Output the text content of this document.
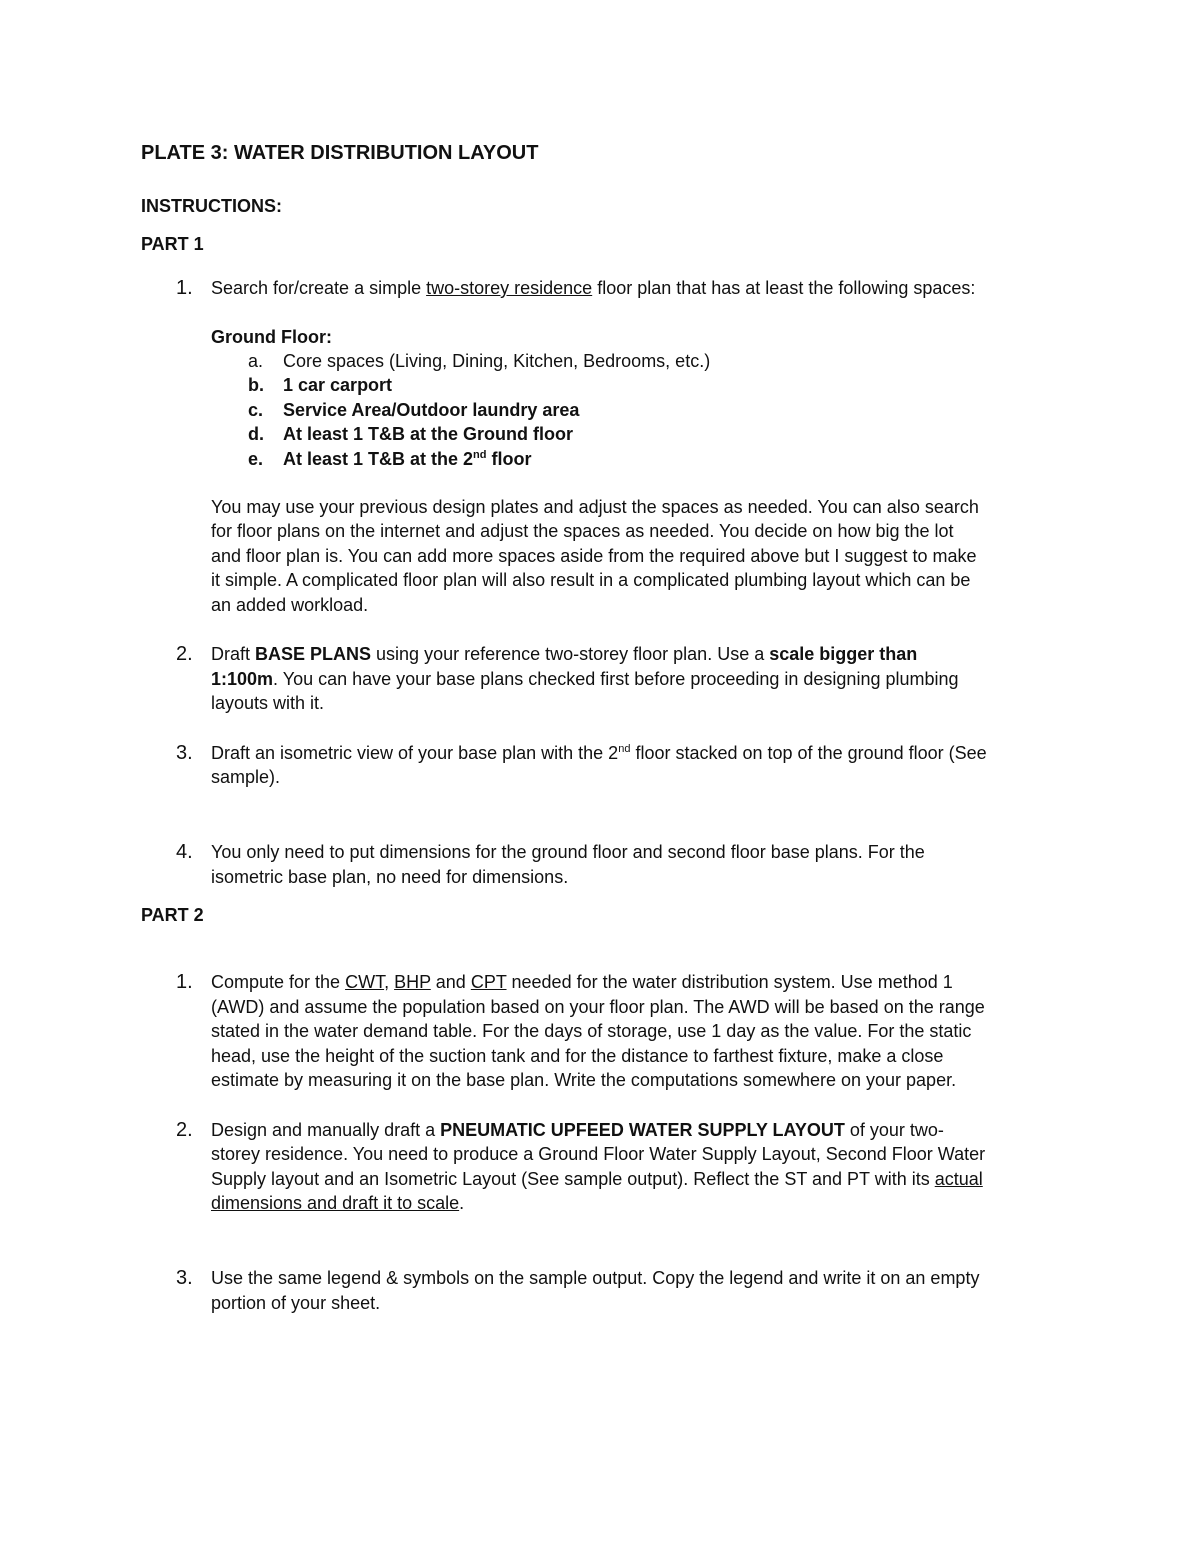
PLATE 3: WATER DISTRIBUTION LAYOUT
INSTRUCTIONS:
PART 1
1. Search for/create a simple two-storey residence floor plan that has at least the following spaces:
Ground Floor:
a. Core spaces (Living, Dining, Kitchen, Bedrooms, etc.)
b. 1 car carport
c. Service Area/Outdoor laundry area
d. At least 1 T&B at the Ground floor
e. At least 1 T&B at the 2nd floor
You may use your previous design plates and adjust the spaces as needed. You can also search
for floor plans on the internet and adjust the spaces as needed. You decide on how big the lot
and floor plan is. You can add more spaces aside from the required above but I suggest to make
it simple. A complicated floor plan will also result in a complicated plumbing layout which can be
an added workload.
2. Draft BASE PLANS using your reference two-storey floor plan. Use a scale bigger than
1:100m. You can have your base plans checked first before proceeding in designing plumbing
layouts with it.
3. Draft an isometric view of your base plan with the 2nd floor stacked on top of the ground floor (See
sample).
4. You only need to put dimensions for the ground floor and second floor base plans. For the
isometric base plan, no need for dimensions.
PART 2
1. Compute for the CWT, BHP and CPT needed for the water distribution system. Use method 1
(AWD) and assume the population based on your floor plan. The AWD will be based on the range
stated in the water demand table. For the days of storage, use 1 day as the value. For the static
head, use the height of the suction tank and for the distance to farthest fixture, make a close
estimate by measuring it on the base plan. Write the computations somewhere on your paper.
2. Design and manually draft a PNEUMATIC UPFEED WATER SUPPLY LAYOUT of your two-
storey residence. You need to produce a Ground Floor Water Supply Layout, Second Floor Water
Supply layout and an Isometric Layout (See sample output). Reflect the ST and PT with its actual
dimensions and draft it to scale.
3. Use the same legend & symbols on the sample output. Copy the legend and write it on an empty
portion of your sheet.
